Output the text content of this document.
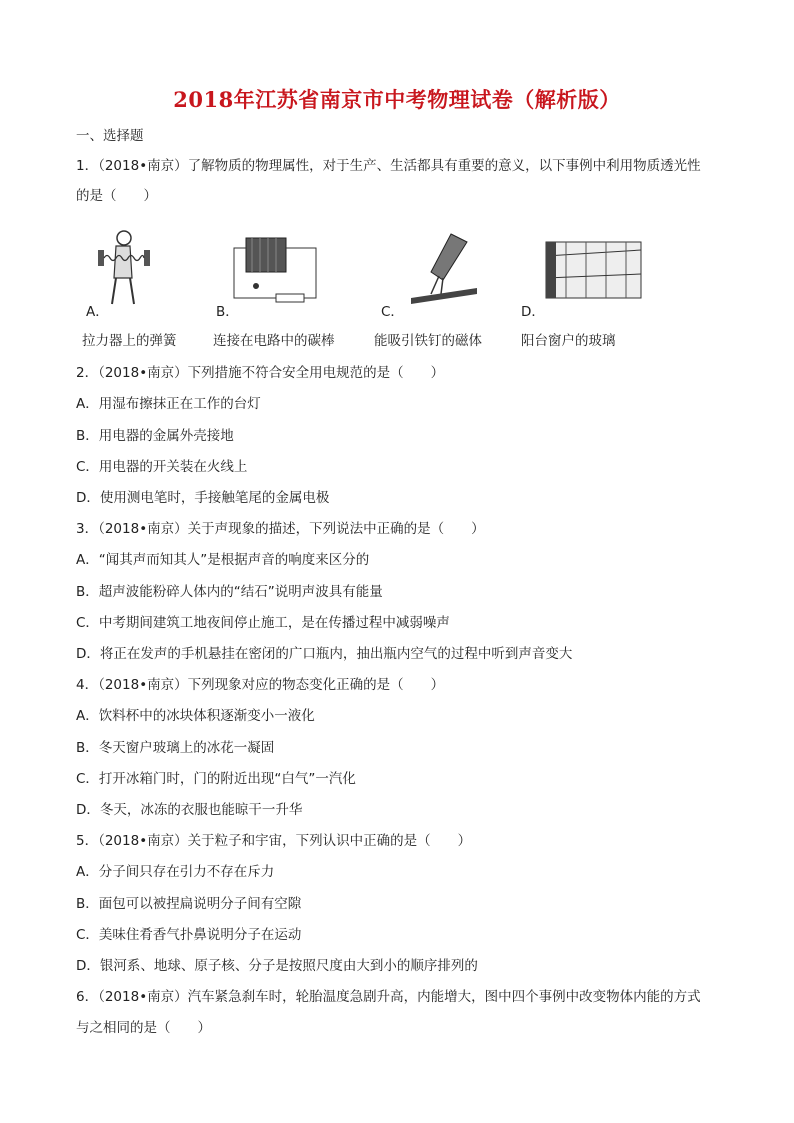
2018年江苏省南京市中考物理试卷（解析版）
一、选择题
1．（2018•南京）了解物质的物理属性，对于生产、生活都具有重要的意义，以下事例中利用物质透光性
的是（　　）
A．	B．	C．	D．
拉力器上的弹簧	连接在电路中的碳棒	能吸引铁钉的磁体	阳台窗户的玻璃
2．（2018•南京）下列措施不符合安全用电规范的是（　　）
A．用湿布擦抹正在工作的台灯
B．用电器的金属外壳接地
C．用电器的开关装在火线上
D．使用测电笔时，手接触笔尾的金属电极
3．（2018•南京）关于声现象的描述，下列说法中正确的是（　　）
A．“闻其声而知其人”是根据声音的响度来区分的
B．超声波能粉碎人体内的“结石”说明声波具有能量
C．中考期间建筑工地夜间停止施工，是在传播过程中减弱噪声
D．将正在发声的手机悬挂在密闭的广口瓶内，抽出瓶内空气的过程中听到声音变大
4．（2018•南京）下列现象对应的物态变化正确的是（　　）
A．饮料杯中的冰块体积逐渐变小一液化
B．冬天窗户玻璃上的冰花一凝固
C．打开冰箱门时，门的附近出现“白气”一汽化
D．冬天，冰冻的衣服也能晾干一升华
5．（2018•南京）关于粒子和宇宙，下列认识中正确的是（　　）
A．分子间只存在引力不存在斥力
B．面包可以被捏扁说明分子间有空隙
C．美味住肴香气扑鼻说明分子在运动
D．银河系、地球、原子核、分子是按照尺度由大到小的顺序排列的
6．（2018•南京）汽车紧急刹车时，轮胎温度急剧升高，内能增大，图中四个事例中改变物体内能的方式
与之相同的是（　　）
